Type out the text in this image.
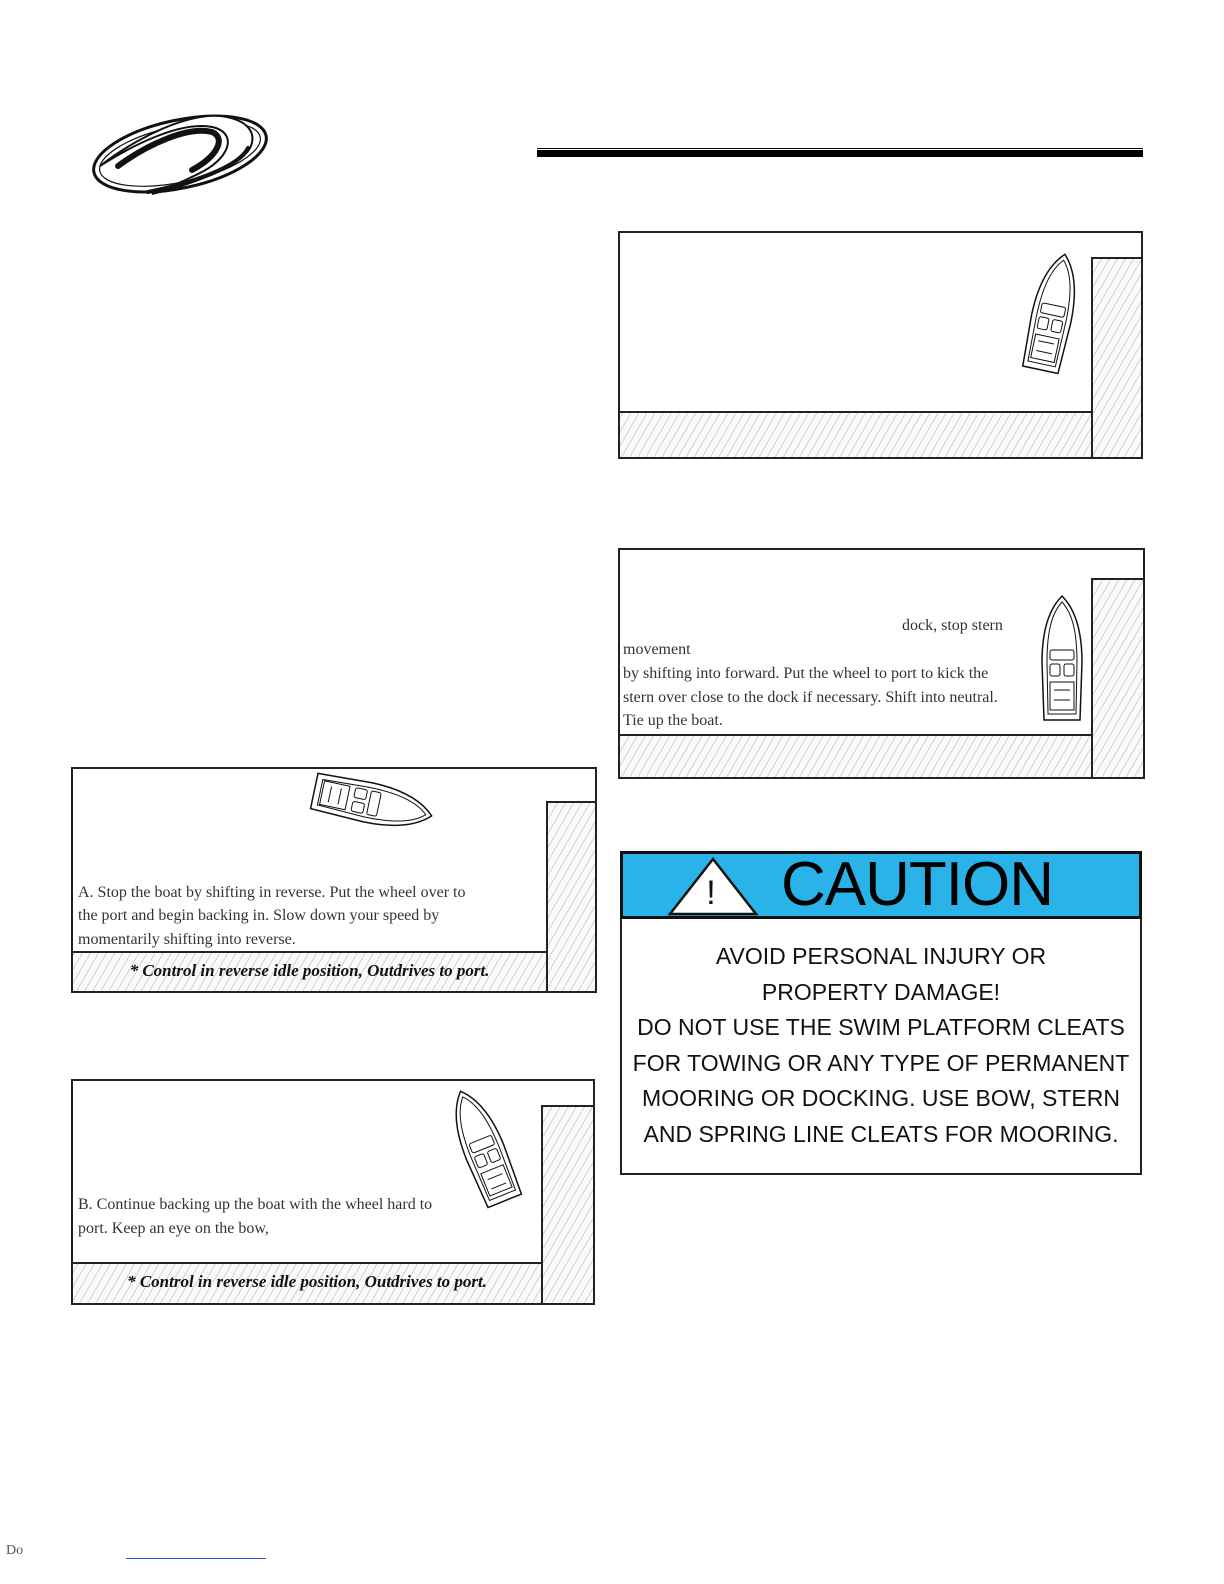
dock, stop stern
movement
by shifting into forward. Put the wheel to port to kick the
stern over close to the dock if necessary. Shift into neutral.
Tie up the boat.
A. Stop the boat by shifting in reverse. Put the wheel over to
the port and begin backing in. Slow down your speed by
momentarily shifting into reverse.
* Control in reverse idle position, Outdrives to port.
B. Continue backing up the boat with the wheel hard to
port. Keep an eye on the bow,
* Control in reverse idle position, Outdrives to port.
! CAUTION
AVOID PERSONAL INJURY OR
PROPERTY DAMAGE!
DO NOT USE THE SWIM PLATFORM CLEATS
FOR TOWING OR ANY TYPE OF PERMANENT
MOORING OR DOCKING. USE BOW, STERN
AND SPRING LINE CLEATS FOR MOORING.
Do
